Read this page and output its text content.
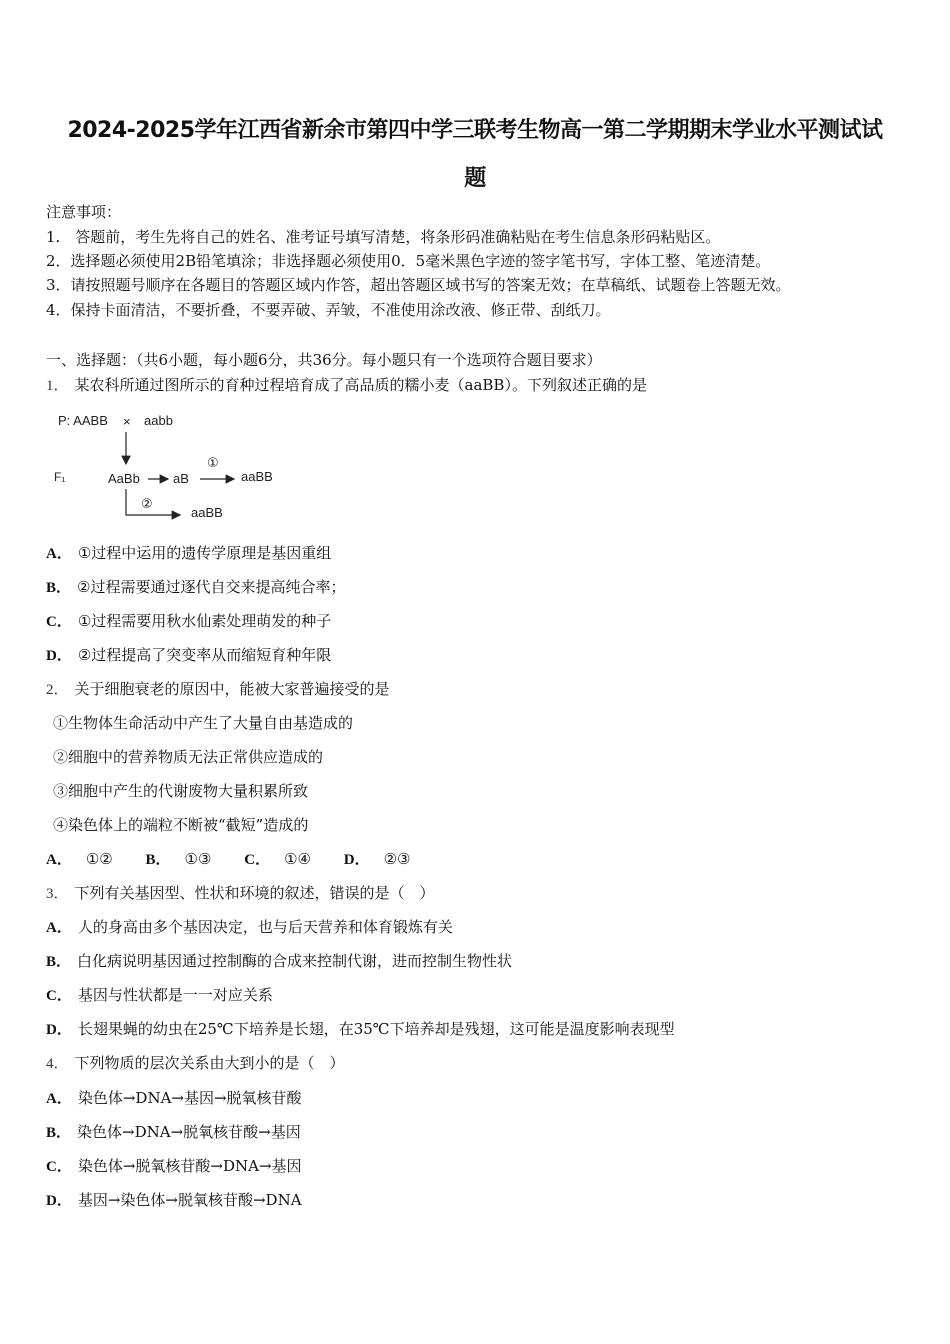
2024-2025学年江西省新余市第四中学三联考生物高一第二学期期末学业水平测试试
题
注意事项：
1.　答题前，考生先将自己的姓名、准考证号填写清楚，将条形码准确粘贴在考生信息条形码粘贴区。
2．选择题必须使用2B铅笔填涂；非选择题必须使用0．5毫米黑色字迹的签字笔书写，字体工整、笔迹清楚。
3．请按照题号顺序在各题目的答题区域内作答，超出答题区域书写的答案无效；在草稿纸、试题卷上答题无效。
4．保持卡面清洁，不要折叠，不要弄破、弄皱，不准使用涂改液、修正带、刮纸刀。
一、选择题：（共6小题，每小题6分，共36分。每小题只有一个选项符合题目要求）
1． 某农科所通过图所示的育种过程培育成了高品质的糯小麦（aaBB）。下列叙述正确的是
P: AABB × aabb
F₁	AaBb	aB
①
aaBB
②
aaBB
A． ①过程中运用的遗传学原理是基因重组
B． ②过程需要通过逐代自交来提高纯合率；
C． ①过程需要用秋水仙素处理萌发的种子
D． ②过程提高了突变率从而缩短育种年限
2． 关于细胞衰老的原因中，能被大家普遍接受的是
①生物体生命活动中产生了大量自由基造成的
②细胞中的营养物质无法正常供应造成的
③细胞中产生的代谢废物大量积累所致
④染色体上的端粒不断被“截短”造成的
A． ①② B． ①③ C． ①④ D． ②③
3． 下列有关基因型、性状和环境的叙述，错误的是（　）
A． 人的身高由多个基因决定，也与后天营养和体育锻炼有关
B． 白化病说明基因通过控制酶的合成来控制代谢，进而控制生物性状
C． 基因与性状都是一一对应关系
D． 长翅果蝇的幼虫在25℃下培养是长翅，在35℃下培养却是残翅，这可能是温度影响表现型
4． 下列物质的层次关系由大到小的是（　）
A． 染色体→DNA→基因→脱氧核苷酸
B． 染色体→DNA→脱氧核苷酸→基因
C． 染色体→脱氧核苷酸→DNA→基因
D． 基因→染色体→脱氧核苷酸→DNA
